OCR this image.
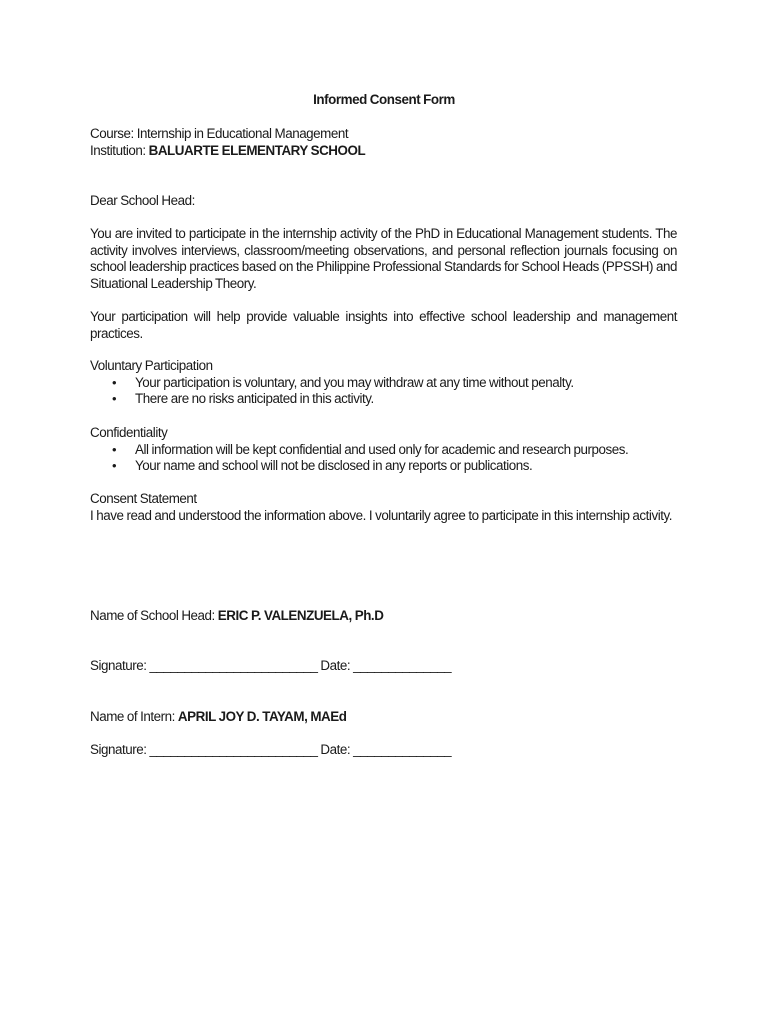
Informed Consent Form

Course: Internship in Educational Management

Institution: BALUARTE ELEMENTARY SCHOOL

Dear School Head:

You are invited to participate in the internship activity of the PhD in Educational Management students. The activity involves interviews, classroom/meeting observations, and personal reflection journals focusing on school leadership practices based on the Philippine Professional Standards for School Heads (PPSSH) and Situational Leadership Theory.

Your participation will help provide valuable insights into effective school leadership and management practices.

Voluntary Participation

• Your participation is voluntary, and you may withdraw at any time without penalty.
• There are no risks anticipated in this activity.

Confidentiality

• All information will be kept confidential and used only for academic and research purposes.
• Your name and school will not be disclosed in any reports or publications.

Consent Statement

I have read and understood the information above. I voluntarily agree to participate in this internship activity.

Name of School Head: ERIC P. VALENZUELA, Ph.D

Signature: ________________________ Date: ______________

Name of Intern: APRIL JOY D. TAYAM, MAEd

Signature: ________________________ Date: ______________
